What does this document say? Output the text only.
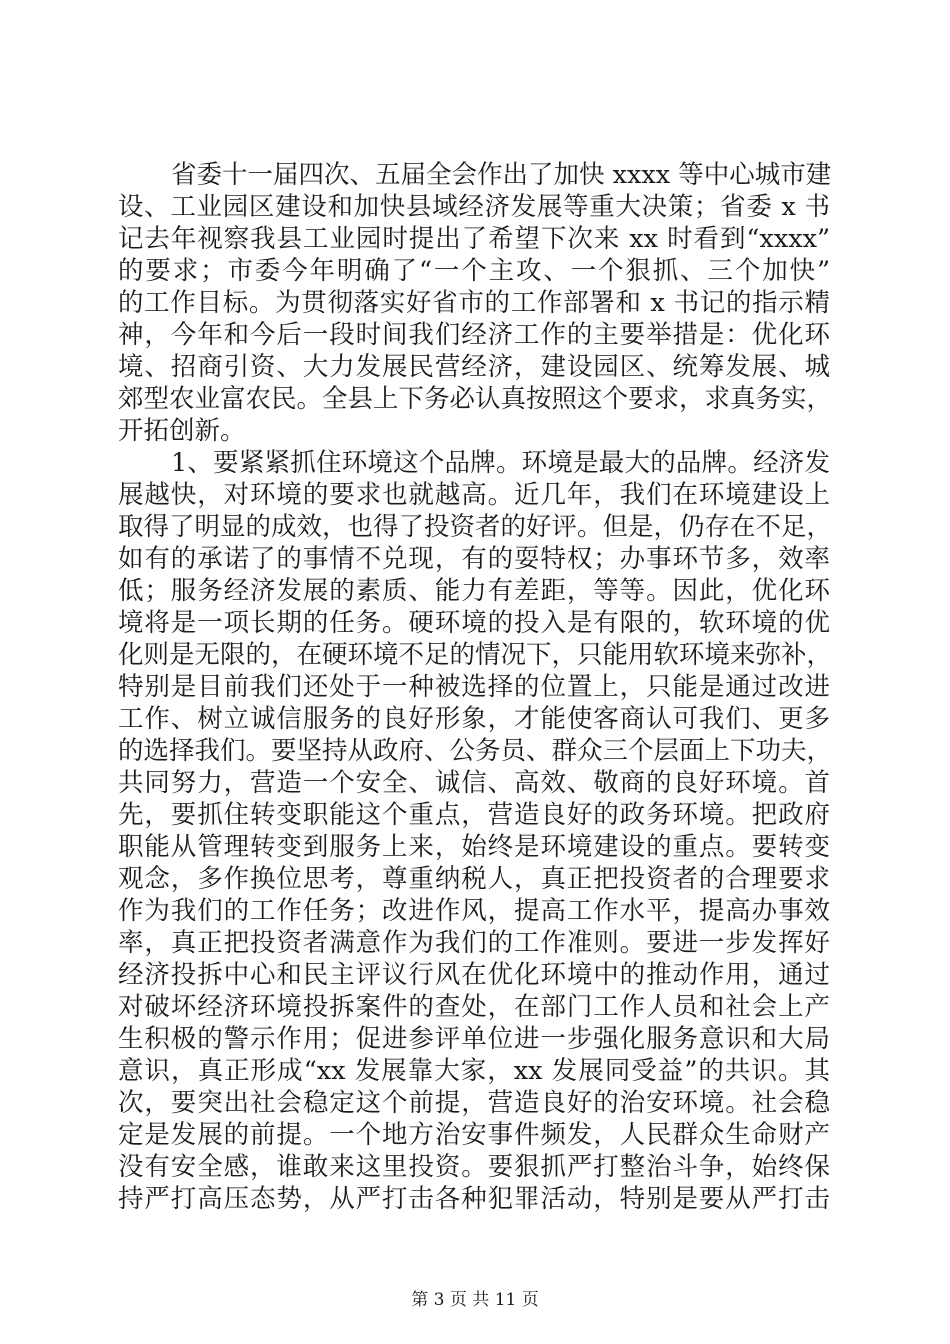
省委十一届四次、五届全会作出了加快 xxxx 等中心城市建
设、工业园区建设和加快县域经济发展等重大决策；省委 x 书
记去年视察我县工业园时提出了希望下次来 xx 时看到“xxxx”
的要求；市委今年明确了“一个主攻、一个狠抓、三个加快”
的工作目标。为贯彻落实好省市的工作部署和 x 书记的指示精
神，今年和今后一段时间我们经济工作的主要举措是：优化环
境、招商引资、大力发展民营经济，建设园区、统筹发展、城
郊型农业富农民。全县上下务必认真按照这个要求，求真务实，
开拓创新。
1、要紧紧抓住环境这个品牌。环境是最大的品牌。经济发
展越快，对环境的要求也就越高。近几年，我们在环境建设上
取得了明显的成效，也得了投资者的好评。但是，仍存在不足，
如有的承诺了的事情不兑现，有的耍特权；办事环节多，效率
低；服务经济发展的素质、能力有差距，等等。因此，优化环
境将是一项长期的任务。硬环境的投入是有限的，软环境的优
化则是无限的，在硬环境不足的情况下，只能用软环境来弥补，
特别是目前我们还处于一种被选择的位置上，只能是通过改进
工作、树立诚信服务的良好形象，才能使客商认可我们、更多
的选择我们。要坚持从政府、公务员、群众三个层面上下功夫，
共同努力，营造一个安全、诚信、高效、敬商的良好环境。首
先，要抓住转变职能这个重点，营造良好的政务环境。把政府
职能从管理转变到服务上来，始终是环境建设的重点。要转变
观念，多作换位思考，尊重纳税人，真正把投资者的合理要求
作为我们的工作任务；改进作风，提高工作水平，提高办事效
率，真正把投资者满意作为我们的工作准则。要进一步发挥好
经济投拆中心和民主评议行风在优化环境中的推动作用，通过
对破坏经济环境投拆案件的查处，在部门工作人员和社会上产
生积极的警示作用；促进参评单位进一步强化服务意识和大局
意识，真正形成“xx 发展靠大家，xx 发展同受益”的共识。其
次，要突出社会稳定这个前提，营造良好的治安环境。社会稳
定是发展的前提。一个地方治安事件频发，人民群众生命财产
没有安全感，谁敢来这里投资。要狠抓严打整治斗争，始终保
持严打高压态势，从严打击各种犯罪活动，特别是要从严打击
第 3 页 共 11 页
